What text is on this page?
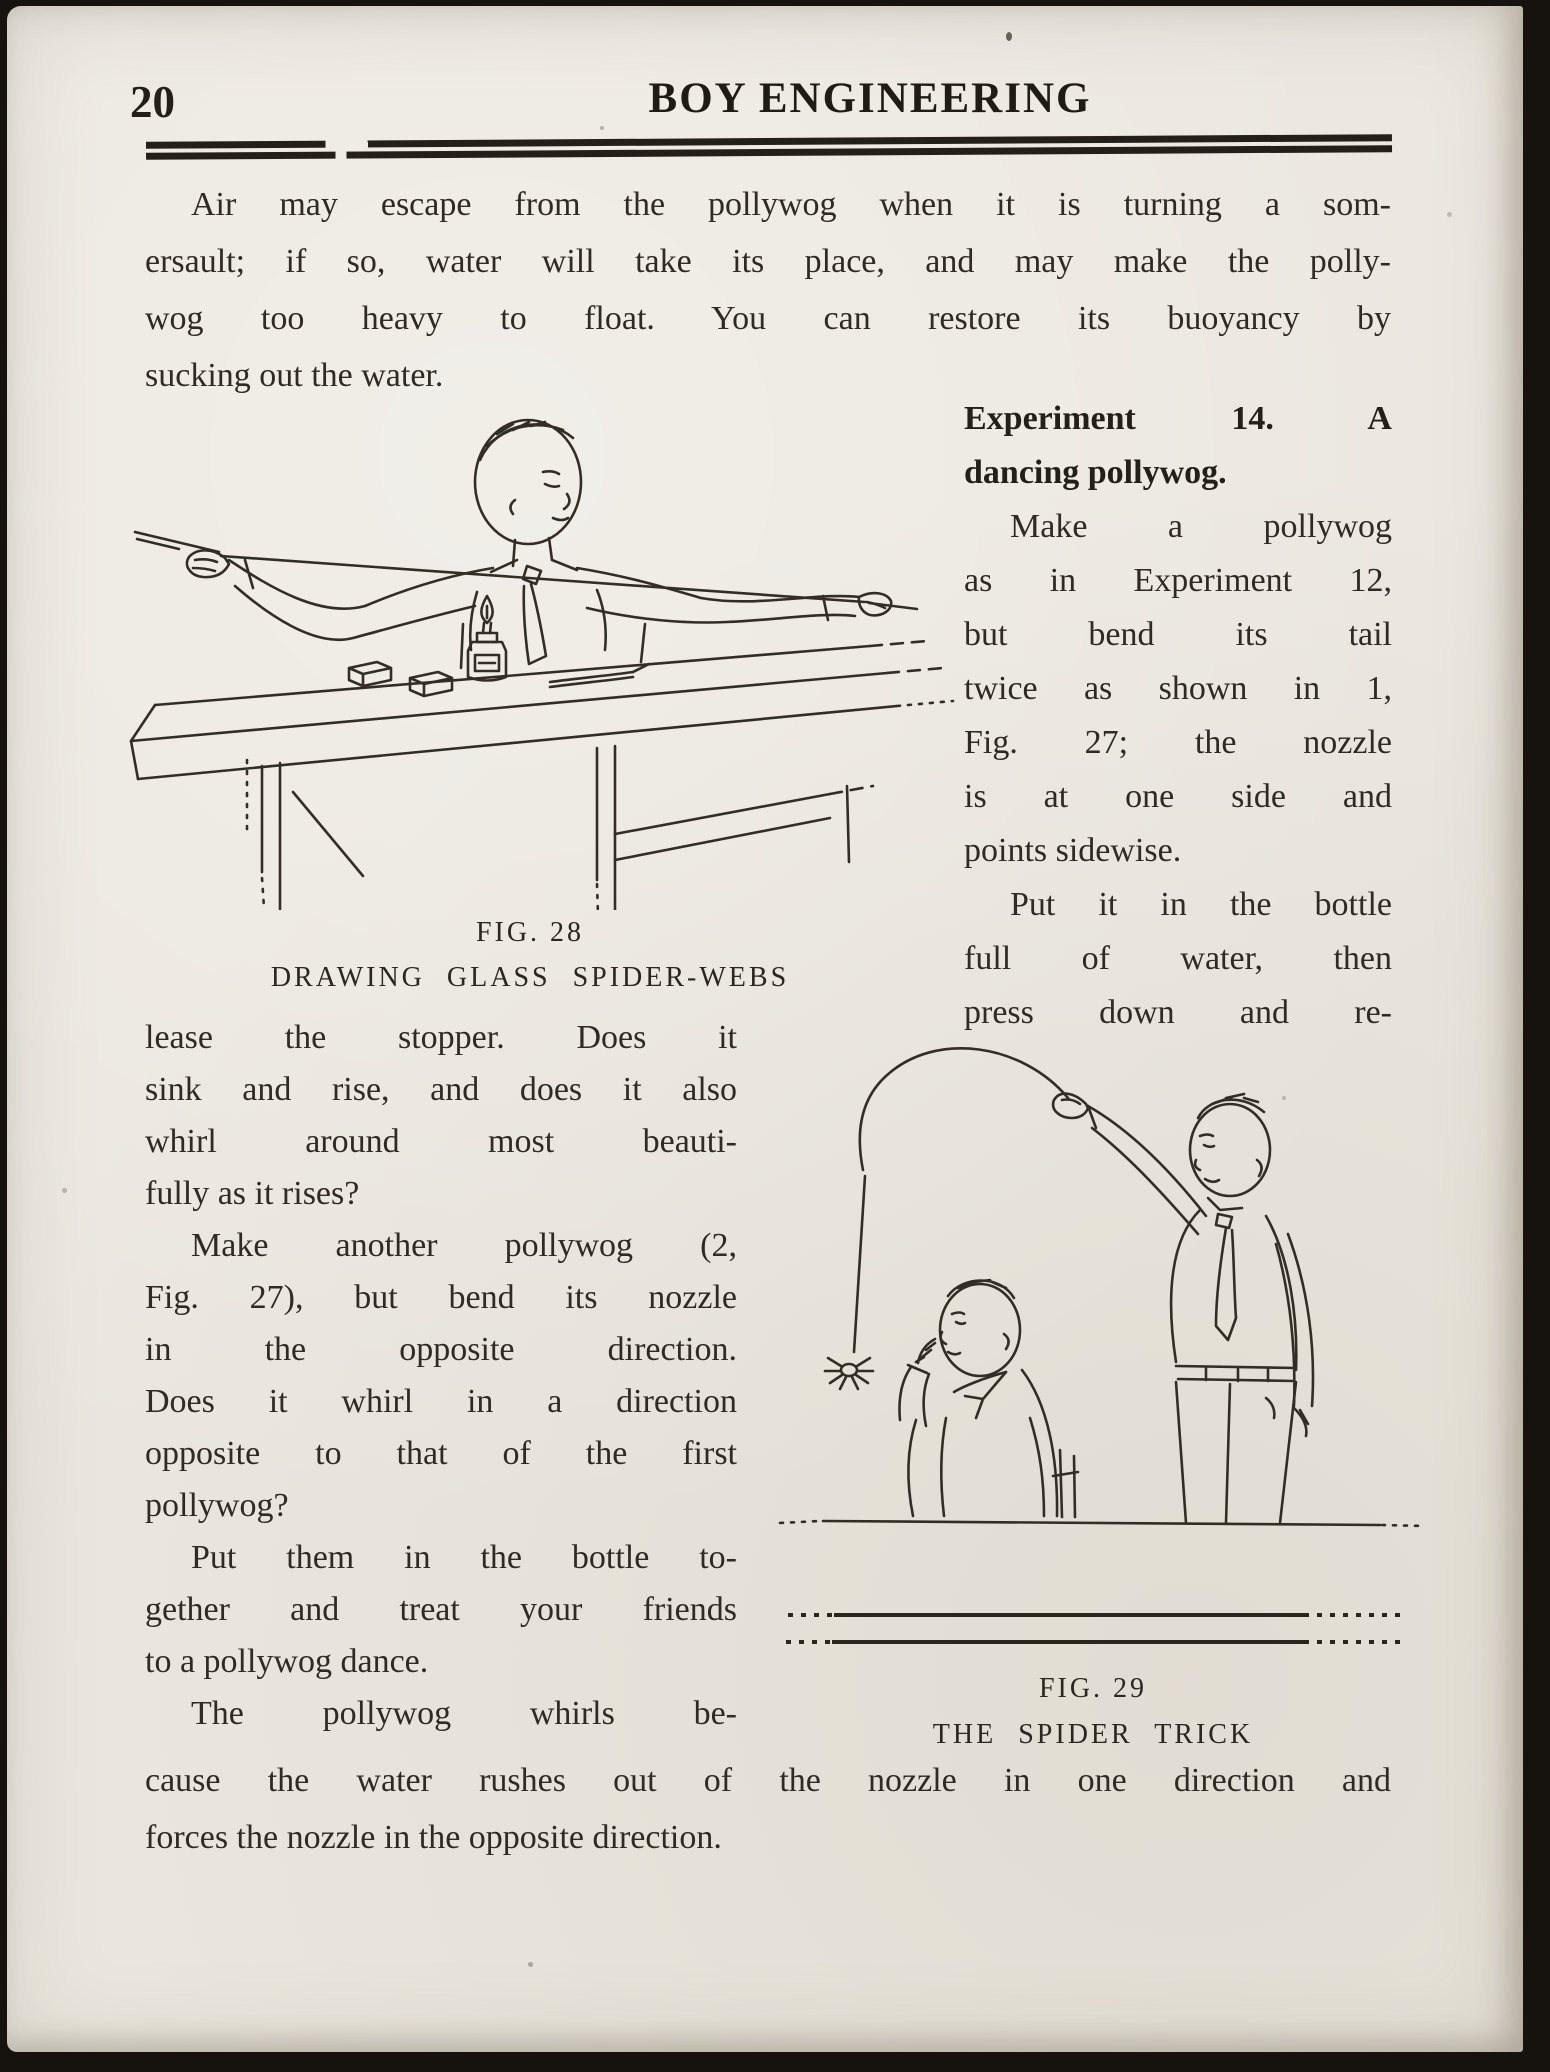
20	BOY ENGINEERING
Air may escape from the pollywog when it is turning a som-
ersault; if so, water will take its place, and may make the polly-
wog too heavy to float. You can restore its buoyancy by
sucking out the water.
FIG. 28
DRAWING GLASS SPIDER-WEBS
Experiment 14. A
dancing pollywog.
Make a pollywog
as in Experiment 12,
but bend its tail
twice as shown in 1,
Fig. 27; the nozzle
is at one side and
points sidewise.
Put it in the bottle
full of water, then
press down and re-
lease the stopper. Does it
sink and rise, and does it also
whirl around most beauti-
fully as it rises?
Make another pollywog (2,
Fig. 27), but bend its nozzle
in the opposite direction.
Does it whirl in a direction
opposite to that of the first
pollywog?
Put them in the bottle to-
gether and treat your friends
to a pollywog dance.
The pollywog whirls be-
FIG. 29
THE SPIDER TRICK
cause the water rushes out of the nozzle in one direction and
forces the nozzle in the opposite direction.
